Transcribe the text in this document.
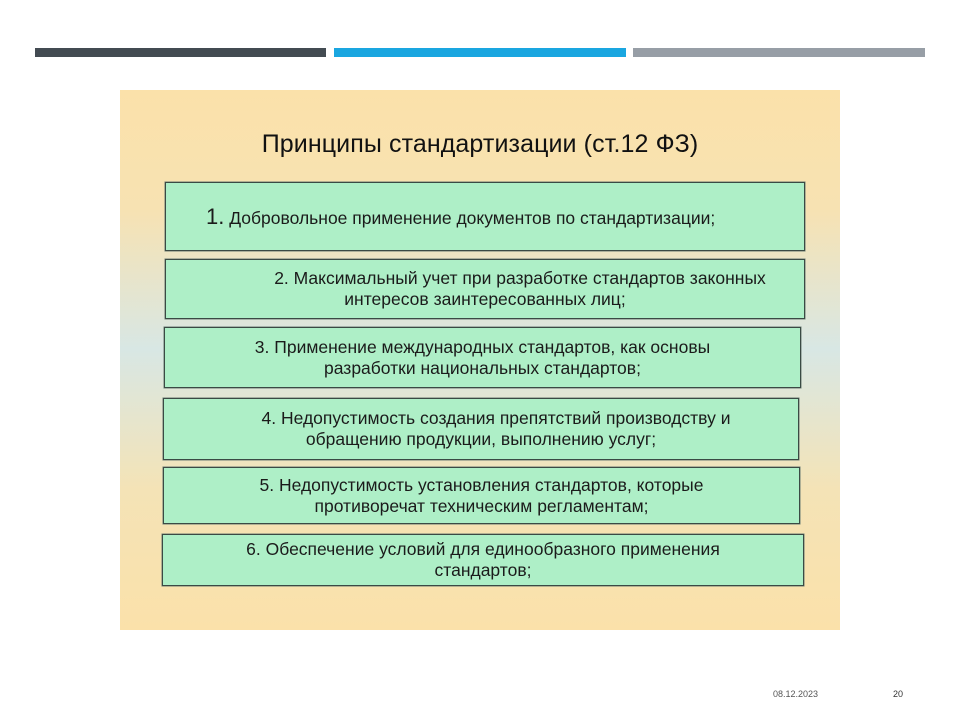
Принципы стандартизации (ст.12 ФЗ)
1. Добровольное применение документов по стандартизации;
2. Максимальный учет при разработке стандартов законных
интересов заинтересованных лиц;
3. Применение международных стандартов, как основы
разработки национальных стандартов;
4. Недопустимость создания препятствий производству и
обращению продукции, выполнению услуг;
5. Недопустимость установления стандартов, которые
противоречат техническим регламентам;
6. Обеспечение условий для единообразного применения
стандартов;
08.12.2023	20
